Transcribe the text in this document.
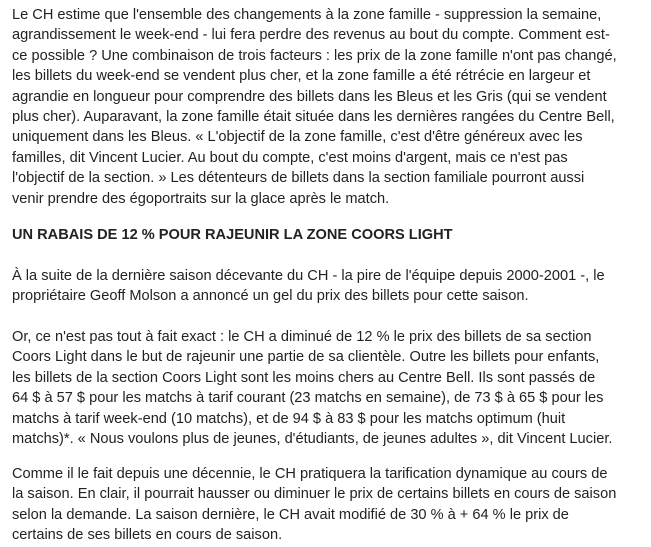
Le CH estime que l'ensemble des changements à la zone famille - suppression la semaine,
agrandissement le week-end - lui fera perdre des revenus au bout du compte. Comment est-
ce possible ? Une combinaison de trois facteurs : les prix de la zone famille n'ont pas changé,
les billets du week-end se vendent plus cher, et la zone famille a été rétrécie en largeur et
agrandie en longueur pour comprendre des billets dans les Bleus et les Gris (qui se vendent
plus cher). Auparavant, la zone famille était située dans les dernières rangées du Centre Bell,
uniquement dans les Bleus. « L'objectif de la zone famille, c'est d'être généreux avec les
familles, dit Vincent Lucier. Au bout du compte, c'est moins d'argent, mais ce n'est pas
l'objectif de la section. » Les détenteurs de billets dans la section familiale pourront aussi
venir prendre des égoportraits sur la glace après le match.

UN RABAIS DE 12 % POUR RAJEUNIR LA ZONE COORS LIGHT

À la suite de la dernière saison décevante du CH - la pire de l'équipe depuis 2000-2001 -, le
propriétaire Geoff Molson a annoncé un gel du prix des billets pour cette saison.

Or, ce n'est pas tout à fait exact : le CH a diminué de 12 % le prix des billets de sa section
Coors Light dans le but de rajeunir une partie de sa clientèle. Outre les billets pour enfants,
les billets de la section Coors Light sont les moins chers au Centre Bell. Ils sont passés de
64 $ à 57 $ pour les matchs à tarif courant (23 matchs en semaine), de 73 $ à 65 $ pour les
matchs à tarif week-end (10 matchs), et de 94 $ à 83 $ pour les matchs optimum (huit
matchs)*. « Nous voulons plus de jeunes, d'étudiants, de jeunes adultes », dit Vincent Lucier.

Comme il le fait depuis une décennie, le CH pratiquera la tarification dynamique au cours de
la saison. En clair, il pourrait hausser ou diminuer le prix de certains billets en cours de saison
selon la demande. La saison dernière, le CH avait modifié de 30 % à + 64 % le prix de
certains de ses billets en cours de saison.
